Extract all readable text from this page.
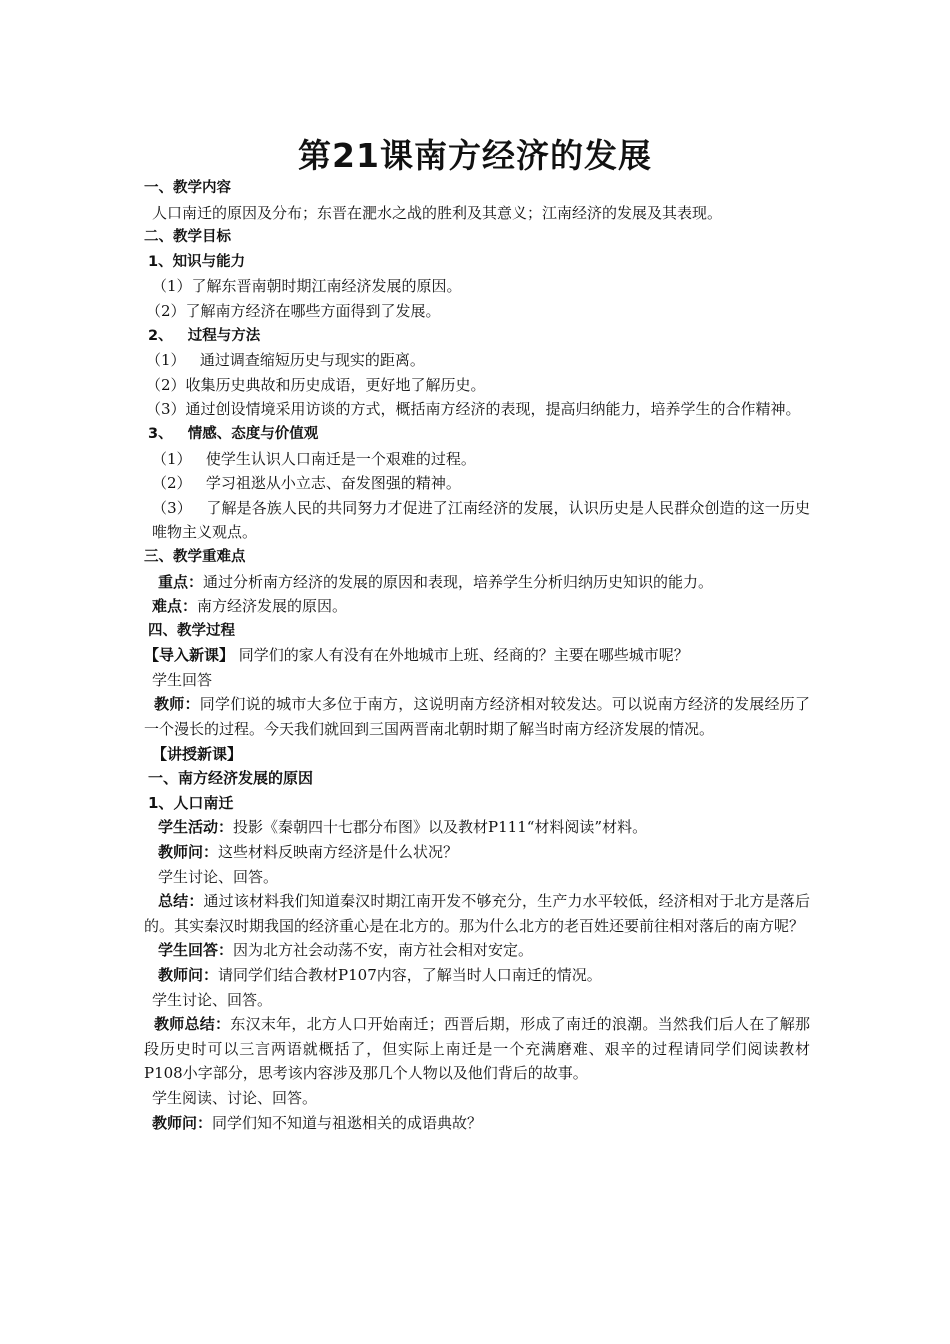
第21课南方经济的发展

一、教学内容

人口南迁的原因及分布；东晋在淝水之战的胜利及其意义；江南经济的发展及其表现。

二、教学目标

1、知识与能力

（1）了解东晋南朝时期江南经济发展的原因。

（2）了解南方经济在哪些方面得到了发展。

2、   过程与方法

（1）   通过调查缩短历史与现实的距离。

（2）收集历史典故和历史成语，更好地了解历史。

（3）通过创设情境采用访谈的方式，概括南方经济的表现，提高归纳能力，培养学生的合作精神。

3、   情感、态度与价值观

（1）   使学生认识人口南迁是一个艰难的过程。

（2）   学习祖逖从小立志、奋发图强的精神。

（3）   了解是各族人民的共同努力才促进了江南经济的发展，认识历史是人民群众创造的这一历史唯物主义观点。

三、教学重难点

重点：通过分析南方经济的发展的原因和表现，培养学生分析归纳历史知识的能力。

难点：南方经济发展的原因。

四、教学过程

【导入新课】 同学们的家人有没有在外地城市上班、经商的？主要在哪些城市呢？

学生回答

教师：同学们说的城市大多位于南方，这说明南方经济相对较发达。可以说南方经济的发展经历了一个漫长的过程。今天我们就回到三国两晋南北朝时期了解当时南方经济发展的情况。

【讲授新课】

一、南方经济发展的原因

1、人口南迁

学生活动：投影《秦朝四十七郡分布图》以及教材P111“材料阅读”材料。

教师问：这些材料反映南方经济是什么状况？

学生讨论、回答。

总结：通过该材料我们知道秦汉时期江南开发不够充分，生产力水平较低，经济相对于北方是落后的。其实秦汉时期我国的经济重心是在北方的。那为什么北方的老百姓还要前往相对落后的南方呢？

学生回答：因为北方社会动荡不安，南方社会相对安定。

教师问：请同学们结合教材P107内容，了解当时人口南迁的情况。

学生讨论、回答。

教师总结：东汉末年，北方人口开始南迁；西晋后期，形成了南迁的浪潮。当然我们后人在了解那段历史时可以三言两语就概括了，但实际上南迁是一个充满磨难、艰辛的过程请同学们阅读教材P108小字部分，思考该内容涉及那几个人物以及他们背后的故事。

学生阅读、讨论、回答。

教师问：同学们知不知道与祖逖相关的成语典故？
